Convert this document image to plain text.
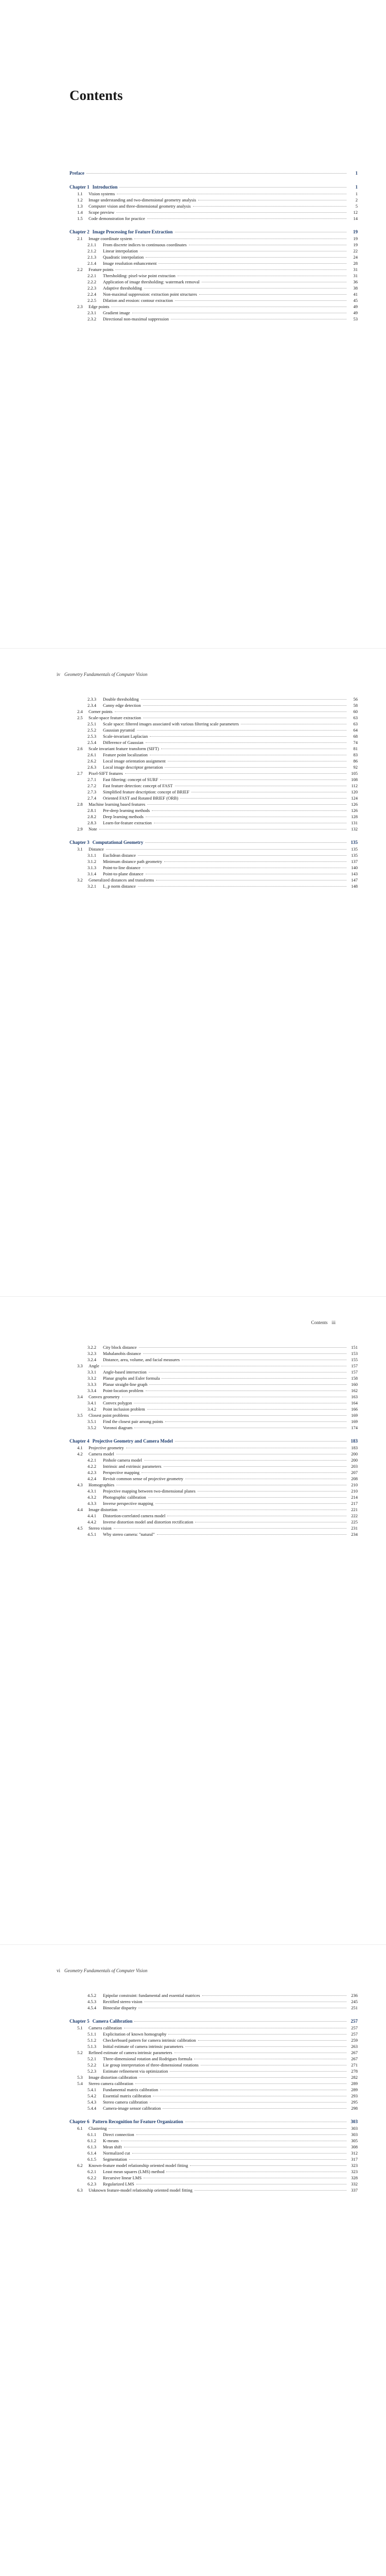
Contents
Preface	1
Chapter 1 Introduction	1
1.1	Vision systems	1
1.2	Image understanding and two-dimensional geometry analysis	2
1.3	Computer vision and three-dimensional geometry analysis	5
1.4	Scope preview	12
1.5	Code demonstration for practice	14
Chapter 2 Image Processing for Feature Extraction	19
2.1	Image coordinate system	19
2.1.1	From discrete indices to continuous coordinates	19
2.1.2	Linear interpolation	22
2.1.3	Quadratic interpolation	24
2.1.4	Image resolution enhancement	28
2.2	Feature points	31
2.2.1	Thresholding: pixel-wise point extraction	31
2.2.2	Application of image thresholding: watermark removal	36
2.2.3	Adaptive thresholding	38
2.2.4	Non-maximal suppression: extraction point structures	41
2.2.5	Dilation and erosion: contour extraction	45
2.3	Edge points	49
2.3.1	Gradient image	49
2.3.2	Directional non-maximal suppression	53
iv Geometry Fundamentals of Computer Vision
2.3.3	Double thresholding	56
2.3.4	Canny edge detection	58
2.4	Corner points	60
2.5	Scale-space feature extraction	63
2.5.1	Scale space: filtered images associated with various filtering scale parameters	63
2.5.2	Gaussian pyramid	64
2.5.3	Scale-invariant Laplacian	68
2.5.4	Difference of Gaussian	74
2.6	Scale invariant feature transform (SIFT)	81
2.6.1	Feature point localization	83
2.6.2	Local image orientation assignment	86
2.6.3	Local image descriptor generation	92
2.7	Pixel-SIFT features	105
2.7.1	Fast filtering: concept of SURF	108
2.7.2	Fast feature detection: concept of FAST	112
2.7.3	Simplified feature description: concept of BRIEF	120
2.7.4	Oriented FAST and Rotated BRIEF (ORB)	124
2.8	Machine learning based features	126
2.8.1	Pre-deep learning methods	126
2.8.2	Deep learning methods	128
2.8.3	Learn-for-feature extraction	131
2.9	Note	132
Chapter 3 Computational Geometry	135
3.1	Distance	135
3.1.1	Euclidean distance	135
3.1.2	Minimum distance path geometry	137
3.1.3	Point-to-line distance	140
3.1.4	Point-to-plane distance	143
3.2	Generalized distances and transforms	147
3.2.1	L_p norm distance	148
Contents iii
3.2.2	City block distance	151
3.2.3	Mahalanobis distance	153
3.2.4	Distance, area, volume, and facial measures	155
3.3	Angle	157
3.3.1	Angle-based intersection	157
3.3.2	Planar graphs and Euler formula	158
3.3.3	Planar straight-line graph	160
3.3.4	Point-location problem	162
3.4	Convex geometry	163
3.4.1	Convex polygon	164
3.4.2	Point inclusion problem	166
3.5	Closest point problems	169
3.5.1	Find the closest pair among points	169
3.5.2	Voronoi diagram	174
Chapter 4 Projective Geometry and Camera Model	183
4.1	Projective geometry	183
4.2	Camera model	200
4.2.1	Pinhole camera model	200
4.2.2	Intrinsic and extrinsic parameters	203
4.2.3	Perspective mapping	207
4.2.4	Revisit common sense of projective geometry	208
4.3	Homographies	210
4.3.1	Projective mapping between two-dimensional planes	210
4.3.2	Photographic calibration	214
4.3.3	Inverse perspective mapping	217
4.4	Image distortion	221
4.4.1	Distortion-correlated camera model	222
4.4.2	Inverse distortion model and distortion rectification	225
4.5	Stereo vision	231
4.5.1	Why stereo camera: "natural"	234
vi Geometry Fundamentals of Computer Vision
4.5.2	Epipolar constraint: fundamental and essential matrices	236
4.5.3	Rectified stereo vision	245
4.5.4	Binocular disparity	251
Chapter 5 Camera Calibration	257
5.1	Camera calibration	257
5.1.1	Explicitation of known homography	257
5.1.2	Checkerboard pattern for camera intrinsic calibration	259
5.1.3	Initial estimate of camera intrinsic parameters	263
5.2	Refined estimate of camera intrinsic parameters	267
5.2.1	Three-dimensional rotation and Rodrigues formula	267
5.2.2	Lie group interpretation of three-dimensional rotations	271
5.2.3	Estimate refinement via optimization	278
5.3	Image distortion calibration	282
5.4	Stereo camera calibration	289
5.4.1	Fundamental matrix calibration	289
5.4.2	Essential matrix calibration	293
5.4.3	Stereo camera calibration	295
5.4.4	Camera-image sensor calibration	298
Chapter 6 Pattern Recognition for Feature Organization	303
6.1	Clustering	303
6.1.1	Direct connection	303
6.1.2	K-means	305
6.1.3	Mean shift	308
6.1.4	Normalized cut	312
6.1.5	Segmentation	317
6.2	Known-feature model relationship oriented model fitting	323
6.2.1	Least mean squares (LMS) method	323
6.2.2	Recursive linear LMS	328
6.2.3	Regularized LMS	332
6.3	Unknown feature-model relationship oriented model fitting	337
